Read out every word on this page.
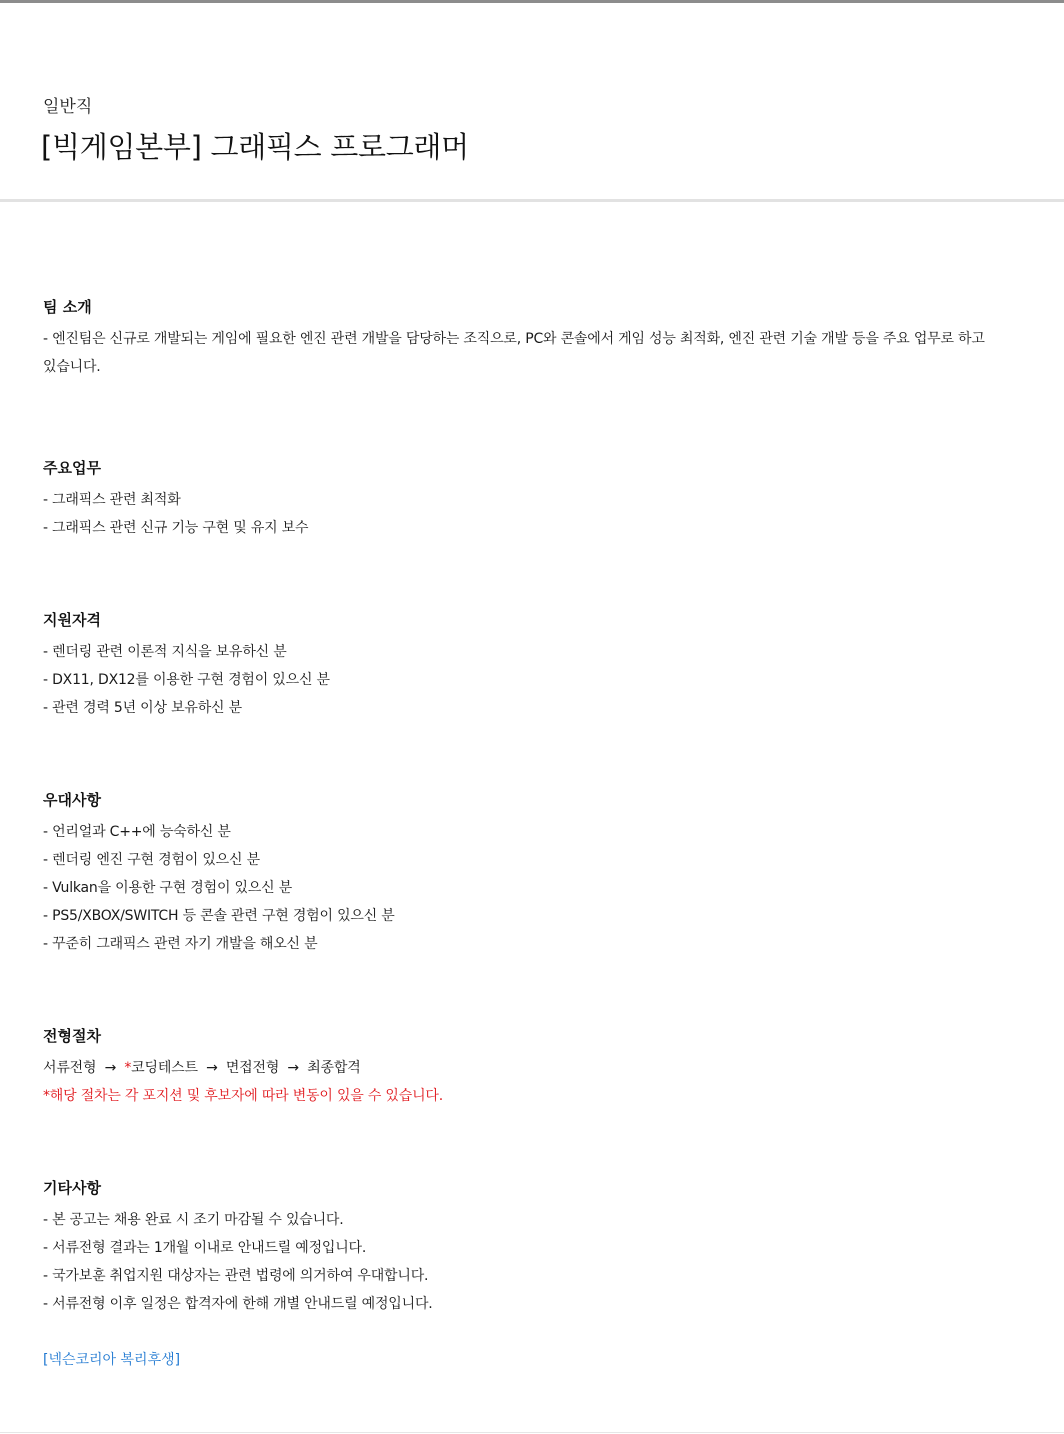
일반직
[빅게임본부] 그래픽스 프로그래머
팀 소개
- 엔진팀은 신규로 개발되는 게임에 필요한 엔진 관련 개발을 담당하는 조직으로, PC와 콘솔에서 게임 성능 최적화, 엔진 관련 기술 개발 등을 주요 업무로 하고 있습니다.
주요업무
- 그래픽스 관련 최적화
- 그래픽스 관련 신규 기능 구현 및 유지 보수
지원자격
- 렌더링 관련 이론적 지식을 보유하신 분
- DX11, DX12를 이용한 구현 경험이 있으신 분
- 관련 경력 5년 이상 보유하신 분
우대사항
- 언리얼과 C++에 능숙하신 분
- 렌더링 엔진 구현 경험이 있으신 분
- Vulkan을 이용한 구현 경험이 있으신 분
- PS5/XBOX/SWITCH 등 콘솔 관련 구현 경험이 있으신 분
- 꾸준히 그래픽스 관련 자기 개발을 해오신 분
전형절차
서류전형 → *코딩테스트 → 면접전형 → 최종합격
*해당 절차는 각 포지션 및 후보자에 따라 변동이 있을 수 있습니다.
기타사항
- 본 공고는 채용 완료 시 조기 마감될 수 있습니다.
- 서류전형 결과는 1개월 이내로 안내드릴 예정입니다.
- 국가보훈 취업지원 대상자는 관련 법령에 의거하여 우대합니다.
- 서류전형 이후 일정은 합격자에 한해 개별 안내드릴 예정입니다.
[넥슨코리아 복리후생]
